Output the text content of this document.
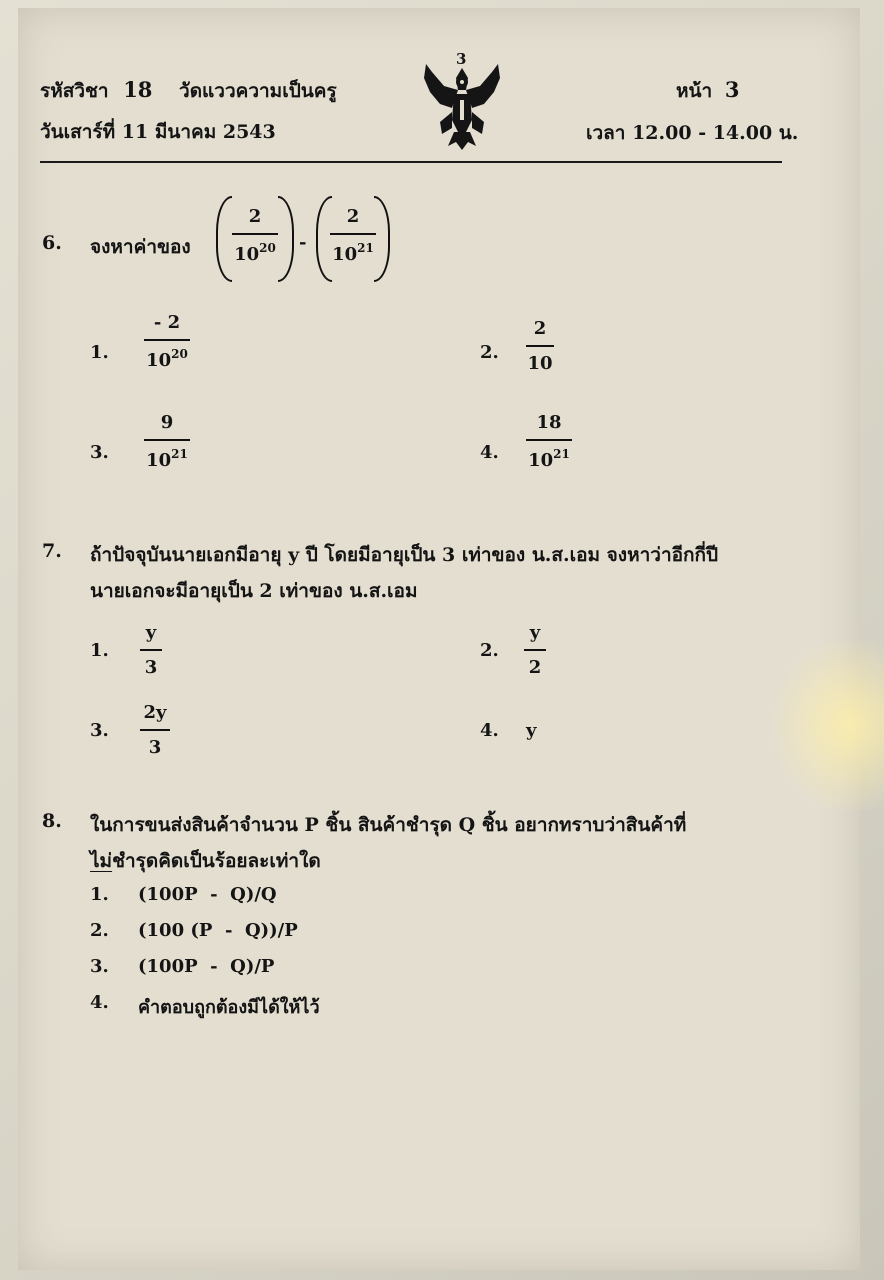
รหัสวิชา 18 วัดแววความเป็นครู	หน้า 3
วันเสาร์ที่ 11 มีนาคม 2543	เวลา 12.00 - 14.00 น.
3
6. จงหาค่าของ
2
$10^{20}$ -
2
$10^{21}$
1.
- 2
$10^{20}$	2.
2
10
3.
9
$10^{21}$	4.
18
$10^{21}$
7. ถ้าปัจจุบันนายเอกมีอายุ y ปี โดยมีอายุเป็น 3 เท่าของ น.ส.เอม จงหาว่าอีกกี่ปี
นายเอกจะมีอายุเป็น 2 เท่าของ น.ส.เอม
1.
y
3
2.
y
2
3.
2y
3
4. y
8. ในการขนส่งสินค้าจำนวน P ชิ้น สินค้าชำรุด Q ชิ้น อยากทราบว่าสินค้าที่
ไม่ชำรุดคิดเป็นร้อยละเท่าใด
1. (100P  -  Q)/Q
2. (100 (P  -  Q))/P
3. (100P  -  Q)/P
4. คำตอบถูกต้องมีได้ให้ไว้
